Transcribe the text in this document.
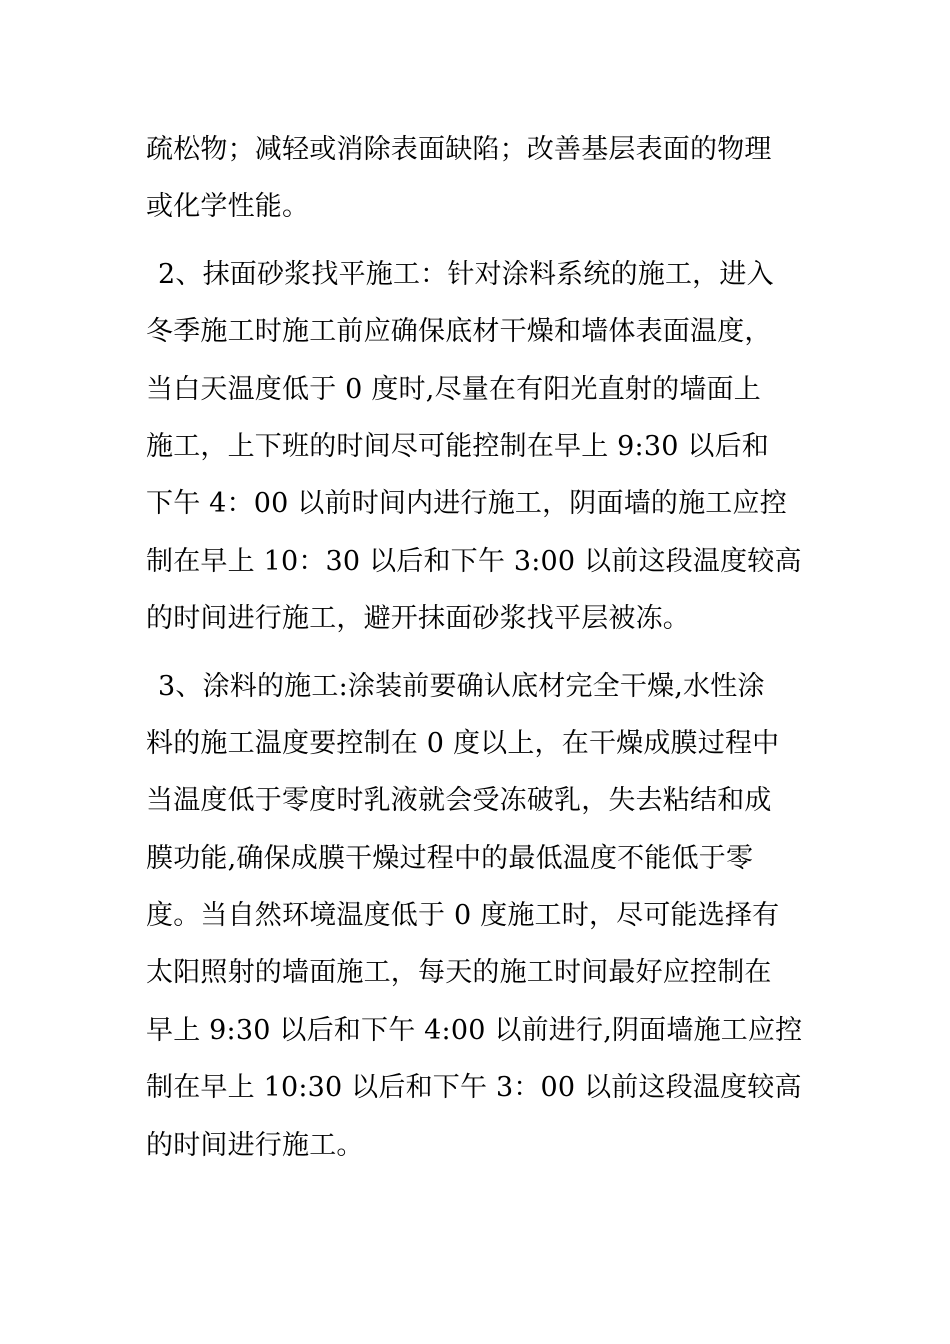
疏松物；减轻或消除表面缺陷；改善基层表面的物理
或化学性能。
2、抹面砂浆找平施工：针对涂料系统的施工，进入
冬季施工时施工前应确保底材干燥和墙体表面温度，
当白天温度低于 0 度时,尽量在有阳光直射的墙面上
施工，上下班的时间尽可能控制在早上 9:30 以后和
下午 4：00 以前时间内进行施工，阴面墙的施工应控
制在早上 10：30 以后和下午 3:00 以前这段温度较高
的时间进行施工，避开抹面砂浆找平层被冻。
3、涂料的施工:涂装前要确认底材完全干燥,水性涂
料的施工温度要控制在 0 度以上，在干燥成膜过程中
当温度低于零度时乳液就会受冻破乳，失去粘结和成
膜功能,确保成膜干燥过程中的最低温度不能低于零
度。当自然环境温度低于 0 度施工时，尽可能选择有
太阳照射的墙面施工，每天的施工时间最好应控制在
早上 9:30 以后和下午 4:00 以前进行,阴面墙施工应控
制在早上 10:30 以后和下午 3：00 以前这段温度较高
的时间进行施工。
